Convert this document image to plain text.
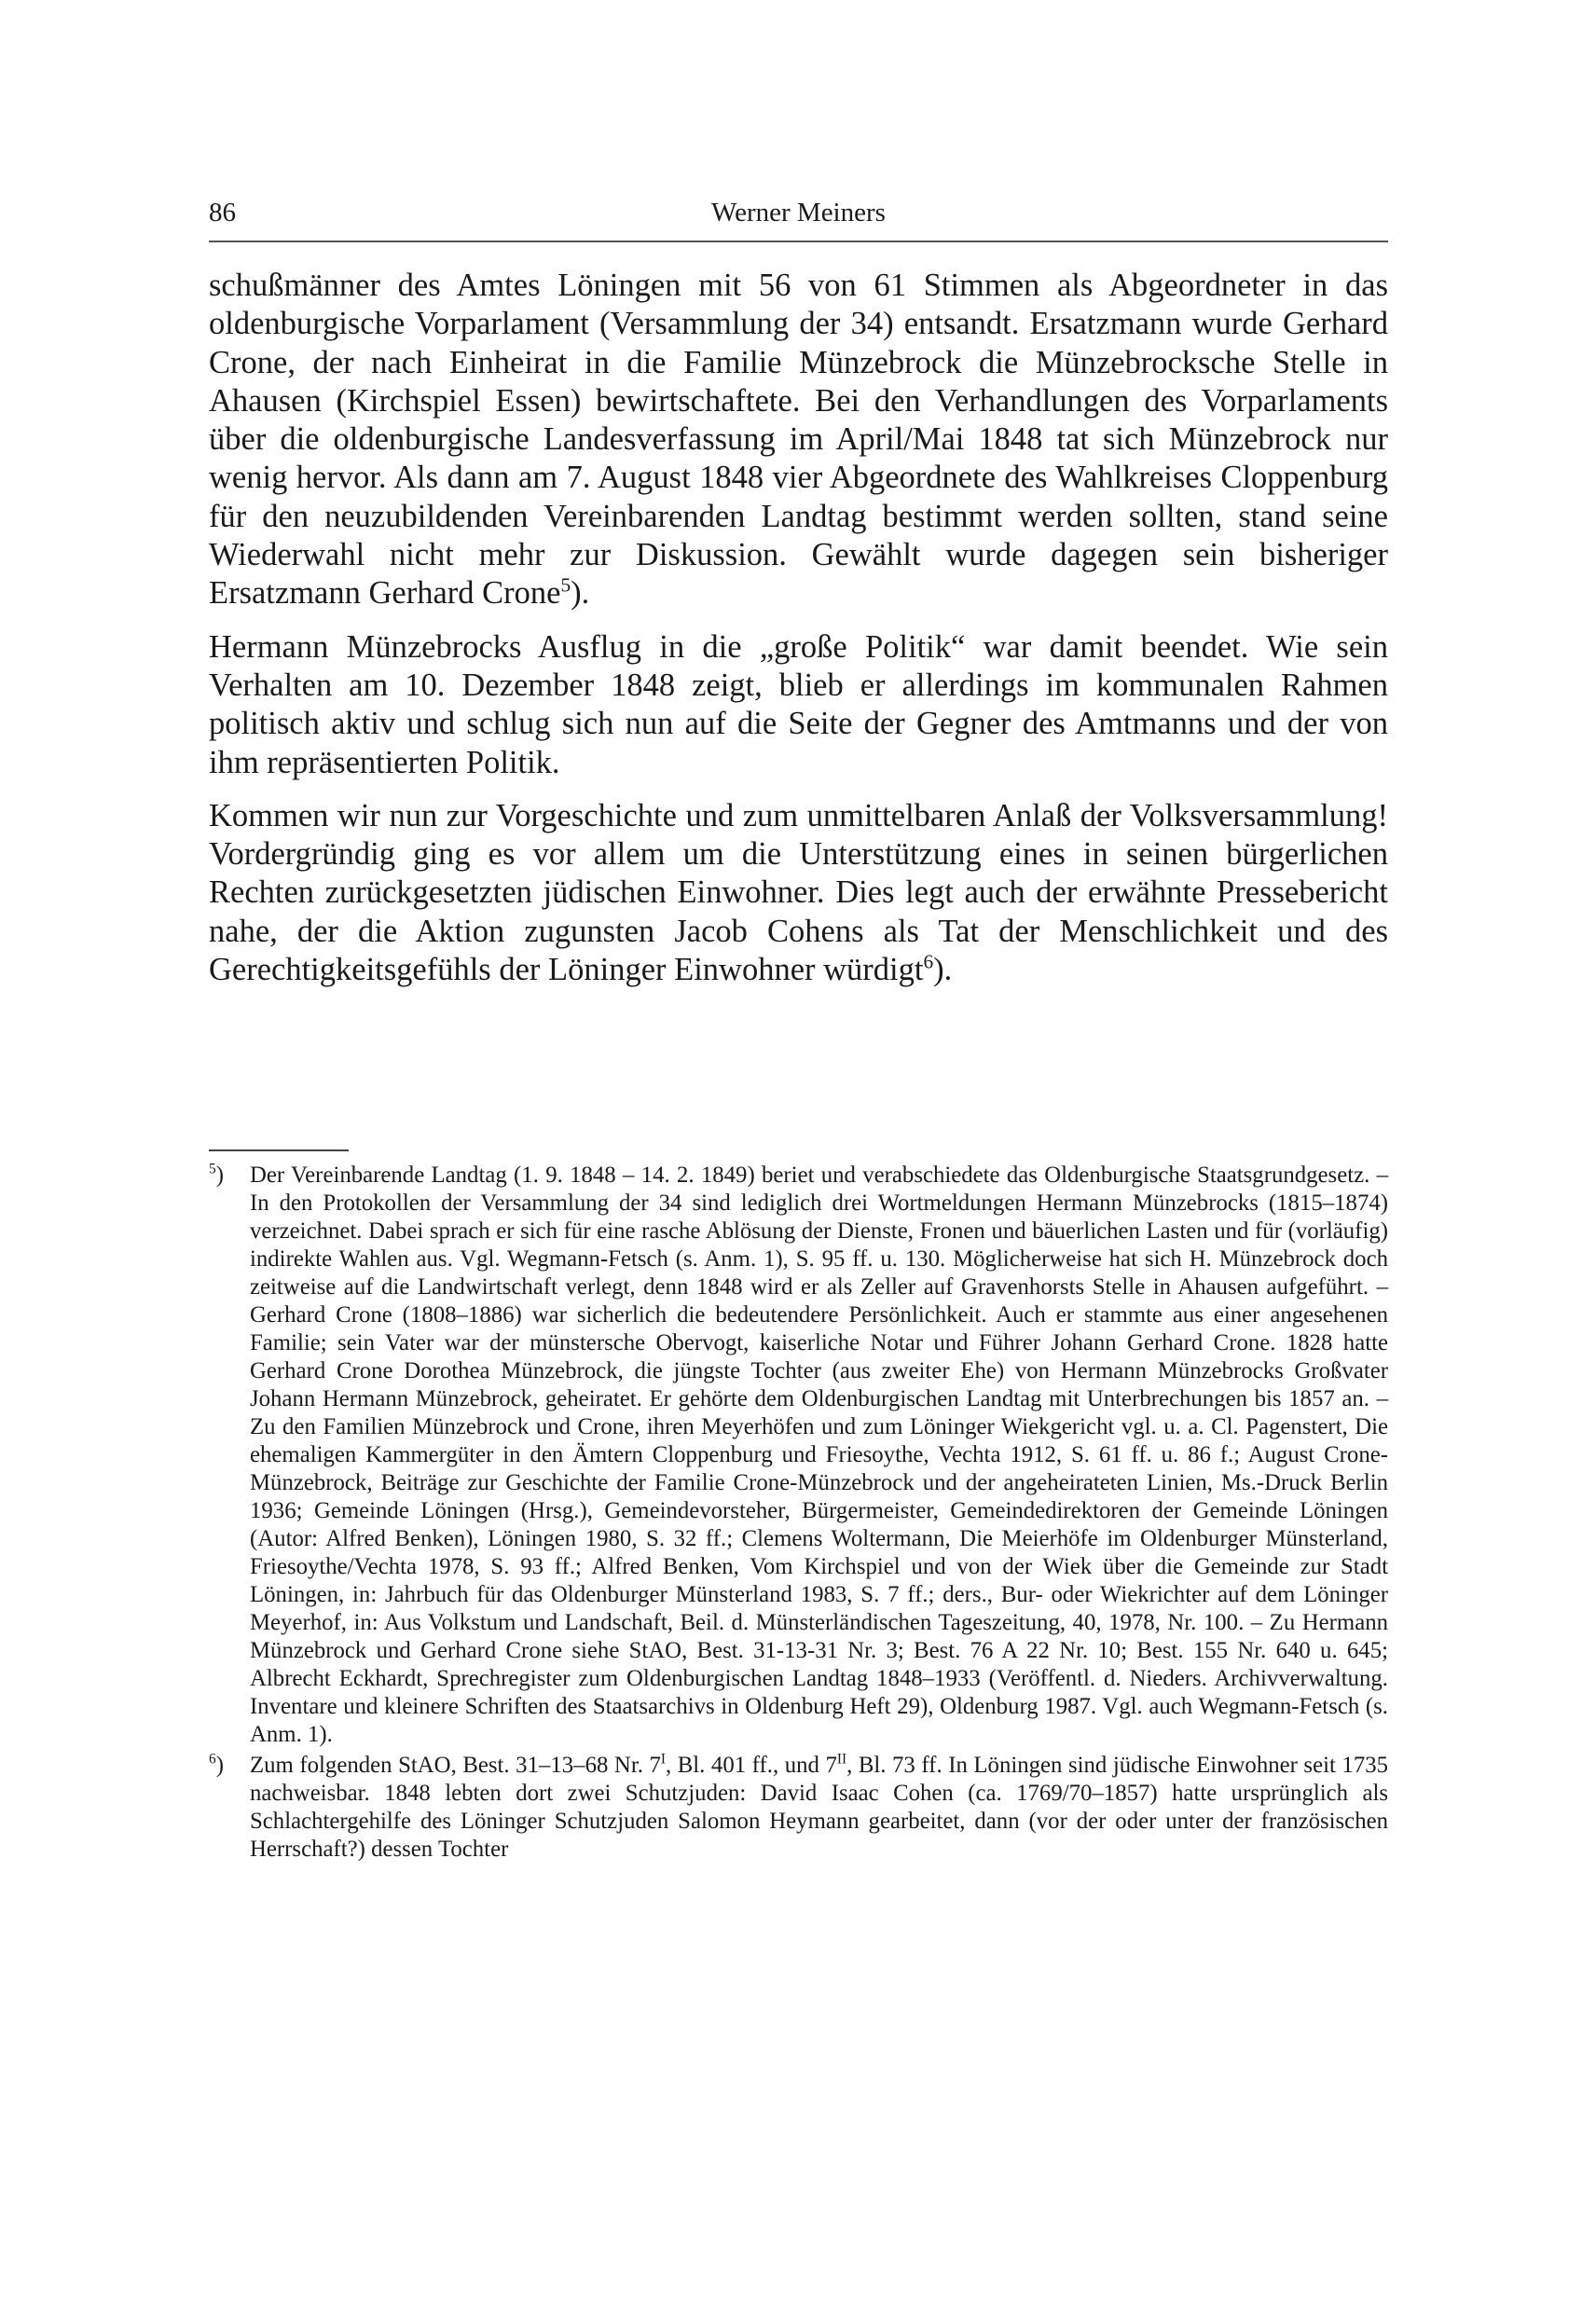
86	Werner Meiners

schußmänner des Amtes Löningen mit 56 von 61 Stimmen als Abgeordneter in das oldenburgische Vorparlament (Versammlung der 34) entsandt. Ersatzmann wurde Gerhard Crone, der nach Einheirat in die Familie Münzebrock die Münzebrocksche Stelle in Ahausen (Kirchspiel Essen) bewirtschaftete. Bei den Verhandlungen des Vorparlaments über die oldenburgische Landesverfassung im April/Mai 1848 tat sich Münzebrock nur wenig hervor. Als dann am 7. August 1848 vier Abgeordnete des Wahlkreises Cloppenburg für den neuzubildenden Vereinbarenden Landtag bestimmt werden sollten, stand seine Wiederwahl nicht mehr zur Diskussion. Gewählt wurde dagegen sein bisheriger Ersatzmann Gerhard Crone$^5$).

Hermann Münzebrocks Ausflug in die „große Politik“ war damit beendet. Wie sein Verhalten am 10. Dezember 1848 zeigt, blieb er allerdings im kommunalen Rahmen politisch aktiv und schlug sich nun auf die Seite der Gegner des Amtmanns und der von ihm repräsentierten Politik.

Kommen wir nun zur Vorgeschichte und zum unmittelbaren Anlaß der Volksversammlung! Vordergründig ging es vor allem um die Unterstützung eines in seinen bürgerlichen Rechten zurückgesetzten jüdischen Einwohner. Dies legt auch der erwähnte Pressebericht nahe, der die Aktion zugunsten Jacob Cohens als Tat der Menschlichkeit und des Gerechtigkeitsgefühls der Löninger Einwohner würdigt$^6$).

$^5$) Der Vereinbarende Landtag (1. 9. 1848 – 14. 2. 1849) beriet und verabschiedete das Oldenburgische Staatsgrundgesetz. – In den Protokollen der Versammlung der 34 sind lediglich drei Wortmeldungen Hermann Münzebrocks (1815–1874) verzeichnet. Dabei sprach er sich für eine rasche Ablösung der Dienste, Fronen und bäuerlichen Lasten und für (vorläufig) indirekte Wahlen aus. Vgl. Wegmann-Fetsch (s. Anm. 1), S. 95 ff. u. 130. Möglicherweise hat sich H. Münzebrock doch zeitweise auf die Landwirtschaft verlegt, denn 1848 wird er als Zeller auf Gravenhorsts Stelle in Ahausen aufgeführt. – Gerhard Crone (1808–1886) war sicherlich die bedeutendere Persönlichkeit. Auch er stammte aus einer angesehenen Familie; sein Vater war der münstersche Obervogt, kaiserliche Notar und Führer Johann Gerhard Crone. 1828 hatte Gerhard Crone Dorothea Münzebrock, die jüngste Tochter (aus zweiter Ehe) von Hermann Münzebrocks Großvater Johann Hermann Münzebrock, geheiratet. Er gehörte dem Oldenburgischen Landtag mit Unterbrechungen bis 1857 an. – Zu den Familien Münzebrock und Crone, ihren Meyerhöfen und zum Löninger Wiekgericht vgl. u. a. Cl. Pagenstert, Die ehemaligen Kammergüter in den Ämtern Cloppenburg und Friesoythe, Vechta 1912, S. 61 ff. u. 86 f.; August Crone-Münzebrock, Beiträge zur Geschichte der Familie Crone-Münzebrock und der angeheirateten Linien, Ms.-Druck Berlin 1936; Gemeinde Löningen (Hrsg.), Gemeindevorsteher, Bürgermeister, Gemeindedirektoren der Gemeinde Löningen (Autor: Alfred Benken), Löningen 1980, S. 32 ff.; Clemens Woltermann, Die Meierhöfe im Oldenburger Münsterland, Friesoythe/Vechta 1978, S. 93 ff.; Alfred Benken, Vom Kirchspiel und von der Wiek über die Gemeinde zur Stadt Löningen, in: Jahrbuch für das Oldenburger Münsterland 1983, S. 7 ff.; ders., Bur- oder Wiekrichter auf dem Löninger Meyerhof, in: Aus Volkstum und Landschaft, Beil. d. Münsterländischen Tageszeitung, 40, 1978, Nr. 100. – Zu Hermann Münzebrock und Gerhard Crone siehe StAO, Best. 31-13-31 Nr. 3; Best. 76 A 22 Nr. 10; Best. 155 Nr. 640 u. 645; Albrecht Eckhardt, Sprechregister zum Oldenburgischen Landtag 1848–1933 (Veröffentl. d. Nieders. Archivverwaltung. Inventare und kleinere Schriften des Staatsarchivs in Oldenburg Heft 29), Oldenburg 1987. Vgl. auch Wegmann-Fetsch (s. Anm. 1).
$^6$) Zum folgenden StAO, Best. 31–13–68 Nr. $7^I$, Bl. 401 ff., und $7^{II}$, Bl. 73 ff. In Löningen sind jüdische Einwohner seit 1735 nachweisbar. 1848 lebten dort zwei Schutzjuden: David Isaac Cohen (ca. 1769/70–1857) hatte ursprünglich als Schlachtergehilfe des Löninger Schutzjuden Salomon Heymann gearbeitet, dann (vor der oder unter der französischen Herrschaft?) dessen Tochter
